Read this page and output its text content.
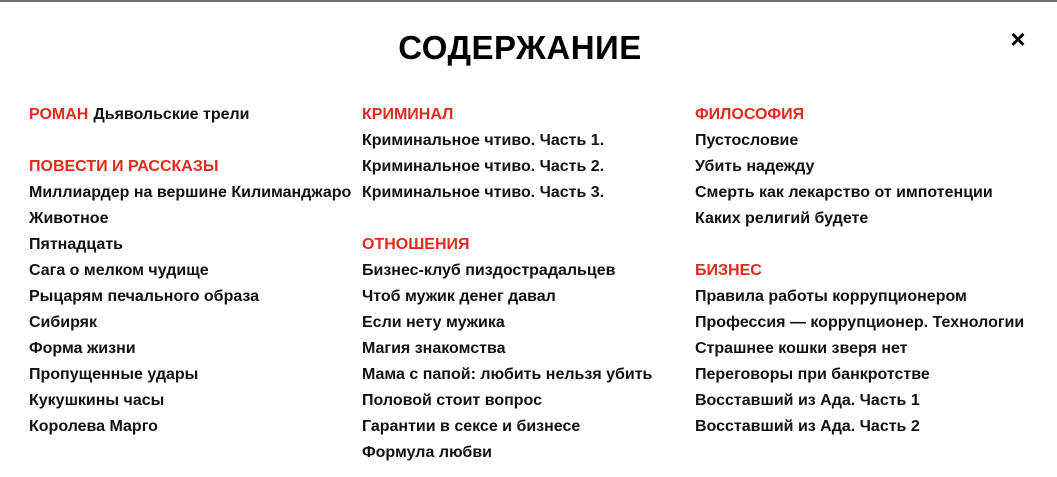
СОДЕРЖАНИЕ	×
РОМАН Дьявольские трели
ПОВЕСТИ И РАССКАЗЫ
Миллиардер на вершине Килиманджаро
Животное
Пятнадцать
Сага о мелком чудище
Рыцарям печального образа
Сибиряк
Форма жизни
Пропущенные удары
Кукушкины часы
Королева Марго
КРИМИНАЛ
Криминальное чтиво. Часть 1.
Криминальное чтиво. Часть 2.
Криминальное чтиво. Часть 3.
ОТНОШЕНИЯ
Бизнес-клуб пиздострадальцев
Чтоб мужик денег давал
Если нету мужика
Магия знакомства
Мама с папой: любить нельзя убить
Половой стоит вопрос
Гарантии в сексе и бизнесе
Формула любви
ФИЛОСОФИЯ
Пустословие
Убить надежду
Смерть как лекарство от импотенции
Каких религий будете
БИЗНЕС
Правила работы коррупционером
Профессия — коррупционер. Технологии
Страшнее кошки зверя нет
Переговоры при банкротстве
Восставший из Ада. Часть 1
Восставший из Ада. Часть 2
